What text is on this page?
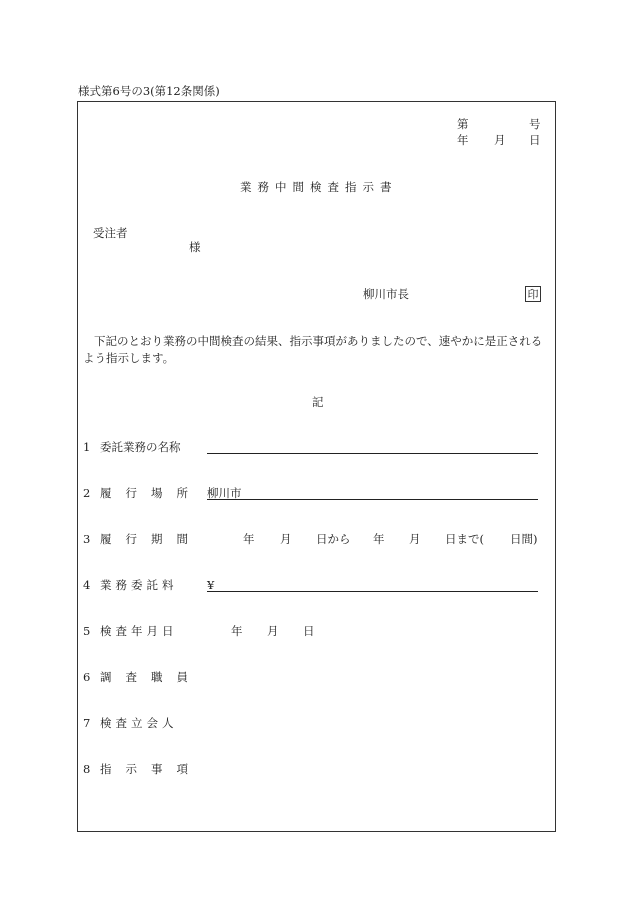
様式第6号の3(第12条関係)
第	号
年 月 日
業務中間検査指示書
受注者
様
柳川市長	印
下記のとおり業務の中間検査の結果、指示事項がありましたので、速やかに是正されるよう指示します。
記
1 委託業務の名称
2 履行場所 柳川市
3 履行期間	年 月 日から 年 月 日まで( 日間)
4 業務委託料	¥
5 検査年月日	年 月 日
6 調査職員
7 検査立会人
8 指示事項
